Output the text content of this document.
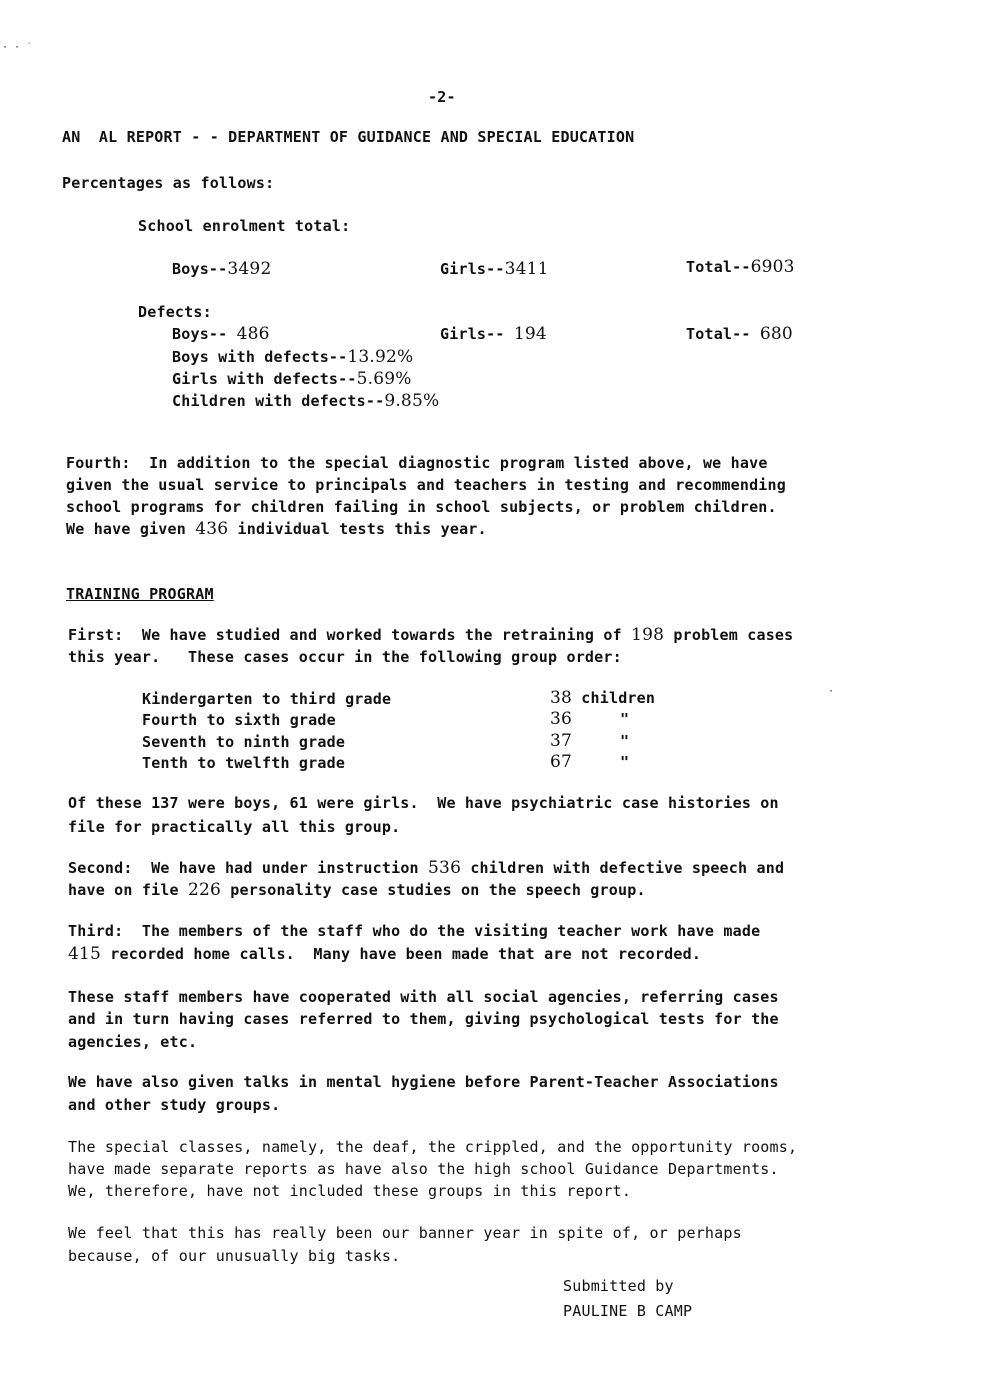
· · ˙
-2-
AN  AL REPORT - - DEPARTMENT OF GUIDANCE AND SPECIAL EDUCATION
Percentages as follows:
School enrolment total:
Boys--3492	Girls--3411	Total--6903
Defects:
Boys-- 486	Girls-- 194	Total-- 680
Boys with defects--13.92%
Girls with defects--5.69%
Children with defects--9.85%
Fourth: In addition to the special diagnostic program listed above, we have
given the usual service to principals and teachers in testing and recommending
school programs for children failing in school subjects, or problem children.
We have given 436 individual tests this year.
TRAINING PROGRAM
First: We have studied and worked towards the retraining of 198 problem cases
this year.   These cases occur in the following group order:
Kindergarten to third grade	38 children
Fourth to sixth grade	36	"
Seventh to ninth grade	37	"
Tenth to twelfth grade	67	"
Of these 137 were boys, 61 were girls.  We have psychiatric case histories on
file for practically all this group.
Second: We have had under instruction 536 children with defective speech and
have on file 226 personality case studies on the speech group.
Third: The members of the staff who do the visiting teacher work have made
415 recorded home calls.  Many have been made that are not recorded.
These staff members have cooperated with all social agencies, referring cases
and in turn having cases referred to them, giving psychological tests for the
agencies, etc.
We have also given talks in mental hygiene before Parent-Teacher Associations
and other study groups.
The special classes, namely, the deaf, the crippled, and the opportunity rooms,
have made separate reports as have also the high school Guidance Departments.
We, therefore, have not included these groups in this report.
We feel that this has really been our banner year in spite of, or perhaps
because, of our unusually big tasks.
Submitted by
PAULINE B CAMP
·
